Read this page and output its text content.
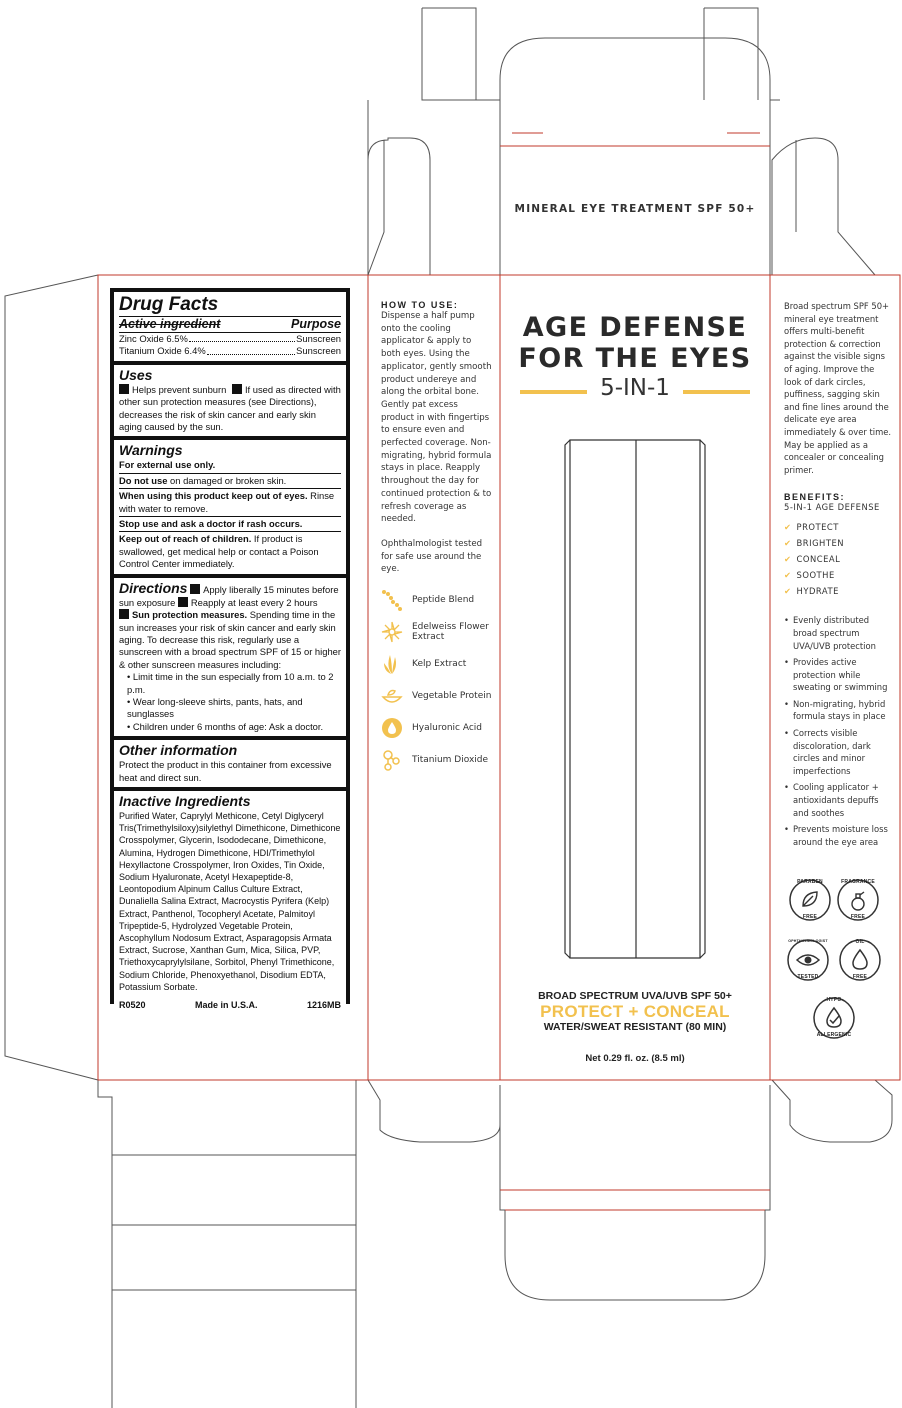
MINERAL EYE TREATMENT SPF 50+
Drug Facts
Active ingredient	Purpose
Zinc Oxide 6.5%	Sunscreen
Titanium Oxide 6.4%	Sunscreen
Uses
Helps prevent sunburn If used as directed with other sun protection measures (see Directions), decreases the risk of skin cancer and early skin aging caused by the sun.
Warnings
For external use only.
Do not use on damaged or broken skin.
When using this product keep out of eyes. Rinse with water to remove.
Stop use and ask a doctor if rash occurs.
Keep out of reach of children. If product is swallowed, get medical help or contact a Poison Control Center immediately.
Directions Apply liberally 15 minutes before sun exposure Reapply at least every 2 hours
Sun protection measures. Spending time in the sun increases your risk of skin cancer and early skin aging. To decrease this risk, regularly use a sunscreen with a broad spectrum SPF of 15 or higher & other sunscreen measures including:
• Limit time in the sun especially from 10 a.m. to 2 p.m.
• Wear long-sleeve shirts, pants, hats, and sunglasses
• Children under 6 months of age: Ask a doctor.
Other information
Protect the product in this container from excessive heat and direct sun.
Inactive Ingredients
Purified Water, Caprylyl Methicone, Cetyl Diglyceryl Tris(Trimethylsiloxy)silylethyl Dimethicone, Dimethicone Crosspolymer, Glycerin, Isododecane, Dimethicone, Alumina, Hydrogen Dimethicone, HDI/Trimethylol Hexyllactone Crosspolymer, Iron Oxides, Tin Oxide, Sodium Hyaluronate, Acetyl Hexapeptide-8, Leontopodium Alpinum Callus Culture Extract, Dunaliella Salina Extract, Macrocystis Pyrifera (Kelp) Extract, Panthenol, Tocopheryl Acetate, Palmitoyl Tripeptide-5, Hydrolyzed Vegetable Protein, Ascophyllum Nodosum Extract, Asparagopsis Armata Extract, Sucrose, Xanthan Gum, Mica, Silica, PVP, Triethoxycaprylylsilane, Sorbitol, Phenyl Trimethicone, Sodium Chloride, Phenoxyethanol, Disodium EDTA, Potassium Sorbate.
R0520	Made in U.S.A.	1216MB
HOW TO USE:
Dispense a half pump onto the cooling applicator & apply to both eyes. Using the applicator, gently smooth product undereye and along the orbital bone. Gently pat excess product in with fingertips to ensure even and perfected coverage. Non-migrating, hybrid formula stays in place. Reapply throughout the day for continued protection & to refresh coverage as needed.
Ophthalmologist tested for safe use around the eye.
Peptide Blend
Edelweiss Flower Extract
Kelp Extract
Vegetable Protein
Hyaluronic Acid
Titanium Dioxide
AGE DEFENSE
FOR THE EYES
5-IN-1
BROAD SPECTRUM UVA/UVB SPF 50+
PROTECT + CONCEAL
WATER/SWEAT RESISTANT (80 MIN)
Net 0.29 fl. oz. (8.5 ml)
Broad spectrum SPF 50+ mineral eye treatment offers multi-benefit protection & correction against the visible signs of aging. Improve the look of dark circles, puffiness, sagging skin and fine lines around the delicate eye area immediately & over time. May be applied as a concealer or concealing primer.
BENEFITS:
5-IN-1 AGE DEFENSE
✔ PROTECT
✔ BRIGHTEN
✔ CONCEAL
✔ SOOTHE
✔ HYDRATE
• Evenly distributed broad spectrum UVA/UVB protection
• Provides active protection while sweating or swimming
• Non-migrating, hybrid formula stays in place
• Corrects visible discoloration, dark circles and minor imperfections
• Cooling applicator + antioxidants depuffs and soothes
• Prevents moisture loss around the eye area
PARABEN
FREE
FRAGRANCE
FREE
OPHTHALMOLOGIST
TESTED
OIL
FREE
HYPO
ALLERGENIC
